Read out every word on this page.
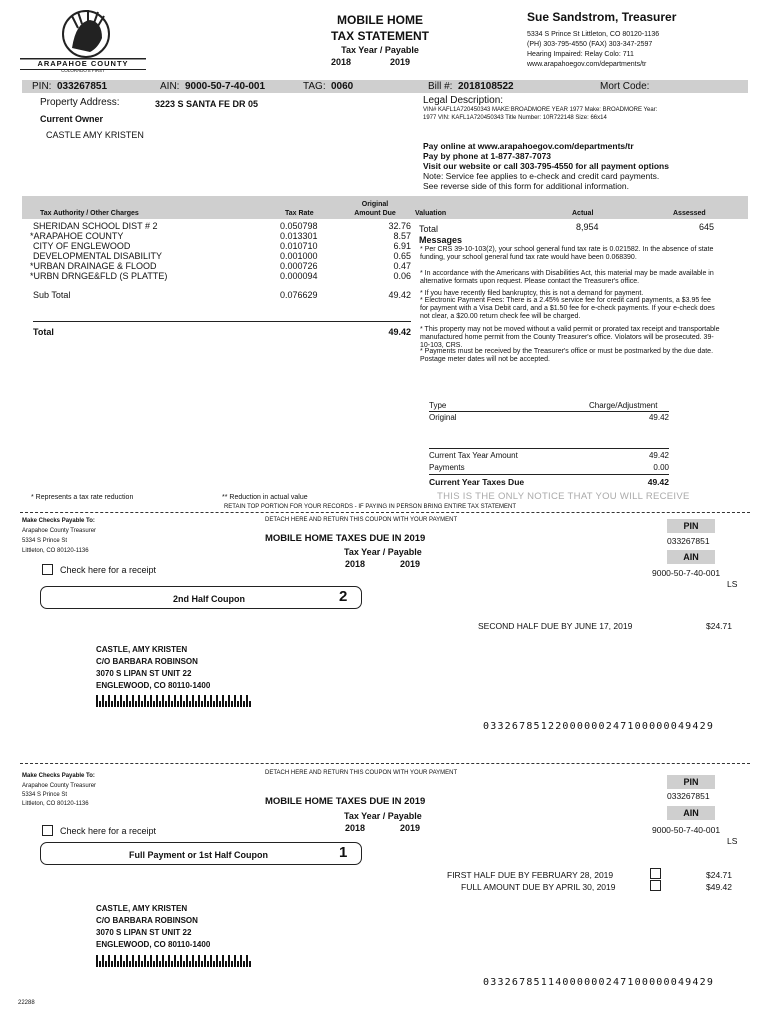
ARAPAHOE COUNTY
COLORADO'S FIRST
MOBILE HOME
TAX STATEMENT
Tax Year / Payable
2018	2019
Sue Sandstrom, Treasurer
5334 S Prince St Littleton, CO 80120-1136
(PH) 303-795-4550 (FAX) 303-347-2597
Hearing Impaired: Relay Colo: 711
www.arapahoegov.com/departments/tr
PIN: 033267851	AIN: 9000-50-7-40-001	TAG: 0060	Bill #: 2018108522	Mort Code:
Property Address:	3223 S SANTA FE DR 05
Current Owner
CASTLE AMY KRISTEN
Legal Description:
VIN# KAFL1A720450343 MAKE:BROADMORE YEAR 1977 Make: BROADMORE Year:
1977 VIN: KAFL1A720450343 Title Number: 10R722148 Size: 66x14
Pay online at www.arapahoegov.com/departments/tr
Pay by phone at 1-877-387-7073
Visit our website or call 303-795-4550 for all payment options
Note: Service fee applies to e-check and credit card payments.
See reverse side of this form for additional information.
Tax Authority / Other Charges	Tax Rate
Original
Amount Due	Valuation	Actual	Assessed
SHERIDAN SCHOOL DIST # 2	0.050798	32.76
*ARAPAHOE COUNTY	0.013301	8.57
CITY OF ENGLEWOOD	0.010710	6.91
DEVELOPMENTAL DISABILITY	0.001000	0.65
*URBAN DRAINAGE & FLOOD	0.000726	0.47
*URBN DRNGE&FLD (S PLATTE)	0.000094	0.06
Sub Total	0.076629	49.42
Total	49.42
Total	8,954	645
Messages
* Per CRS 39-10-103(2), your school general fund tax rate is 0.021582. In the absence of state funding, your school general fund tax rate would have been 0.068390.
* In accordance with the Americans with Disabilities Act, this material may be made available in alternative formats upon request. Please contact the Treasurer's office.
* If you have recently filed bankruptcy, this is not a demand for payment.
* Electronic Payment Fees: There is a 2.45% service fee for credit card payments, a $3.95 fee for payment with a Visa Debit card, and a $1.50 fee for e-check payments. If your e-check does not clear, a $20.00 return check fee will be charged.
* This property may not be moved without a valid permit or prorated tax receipt and transportable manufactured home permit from the County Treasurer's office. Violators will be prosecuted. 39-10-103, CRS.
* Payments must be received by the Treasurer's office or must be postmarked by the due date. Postage meter dates will not be accepted.
Type	Charge/Adjustment
Original	49.42
Current Tax Year Amount	49.42
Payments	0.00
Current Year Taxes Due	49.42
* Represents a tax rate reduction	** Reduction in actual value	THIS IS THE ONLY NOTICE THAT YOU WILL RECEIVE
RETAIN TOP PORTION FOR YOUR RECORDS - IF PAYING IN PERSON BRING ENTIRE TAX STATEMENT
Make Checks Payable To:
Arapahoe County Treasurer
5334 S Prince St
Littleton, CO 80120-1136
DETACH HERE AND RETURN THIS COUPON WITH YOUR PAYMENT
MOBILE HOME TAXES DUE IN 2019
Tax Year / Payable
2018	2019
PIN
033267851
AIN
9000-50-7-40-001
LS
Check here for a receipt
2nd Half Coupon	2
SECOND HALF DUE BY JUNE 17, 2019	$24.71
CASTLE, AMY KRISTEN
C/O BARBARA ROBINSON
3070 S LIPAN ST UNIT 22
ENGLEWOOD, CO 80110-1400
03326785122000000247100000049429
Make Checks Payable To:
Arapahoe County Treasurer
5334 S Prince St
Littleton, CO 80120-1136
DETACH HERE AND RETURN THIS COUPON WITH YOUR PAYMENT
MOBILE HOME TAXES DUE IN 2019
Tax Year / Payable
2018	2019
PIN
033267851
AIN
9000-50-7-40-001
LS
Check here for a receipt
Full Payment or 1st Half Coupon	1
FIRST HALF DUE BY FEBRUARY 28, 2019	$24.71
FULL AMOUNT DUE BY APRIL 30, 2019	$49.42
CASTLE, AMY KRISTEN
C/O BARBARA ROBINSON
3070 S LIPAN ST UNIT 22
ENGLEWOOD, CO 80110-1400
03326785114000000247100000049429
22288
